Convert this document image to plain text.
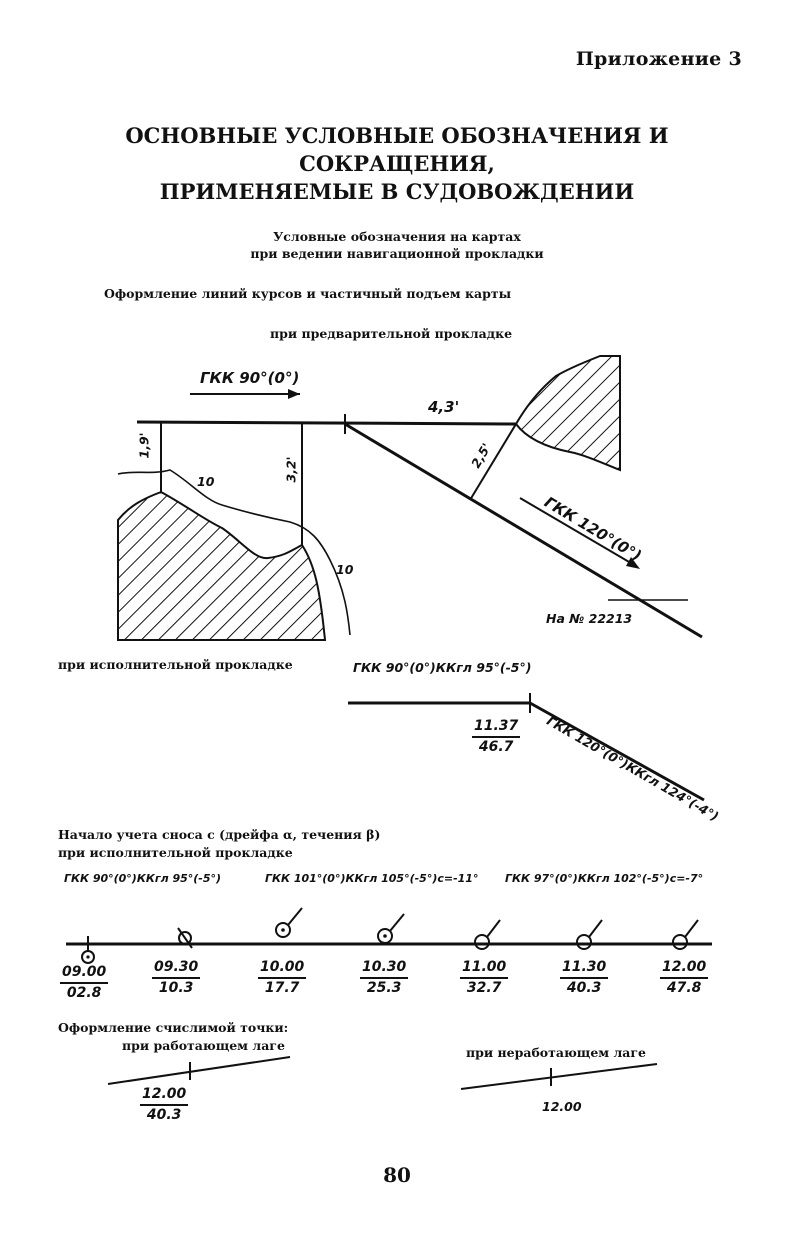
Приложение 3
ОСНОВНЫЕ УСЛОВНЫЕ ОБОЗНАЧЕНИЯ И СОКРАЩЕНИЯ,
ПРИМЕНЯЕМЫЕ В СУДОВОЖДЕНИИ
Условные обозначения на картах
при ведении навигационной прокладки
Оформление линий курсов и частичный подъем карты
при предварительной прокладке
ГКК 90°(0°)
4,3'
1,9'
3,2'	2,5'
10
10
ГКК 120°(0°)
На № 22213
при исполнительной прокладке	ГКК 90°(0°)ККгл 95°(-5°)
ГКК 120°(0°)ККгл 124°(-4°)
$\frac{11.37}{46.7}$
Начало учета сноса с (дрейфа α, течения β)
при исполнительной прокладке
ГКК 90°(0°)ККгл 95°(-5°)	ГКК 101°(0°)ККгл 105°(-5°)с=-11° ГКК 97°(0°)ККгл 102°(-5°)с=-7°
$\frac{09.00}{02.8}$	$\frac{09.30}{10.3}$	$\frac{10.00}{17.7}$	$\frac{10.30}{25.3}$	$\frac{11.00}{32.7}$	$\frac{11.30}{40.3}$	$\frac{12.00}{47.8}$
Оформление счислимой точки:
при работающем лаге	при неработающем лаге
$\frac{12.00}{40.3}$	12.00
80
